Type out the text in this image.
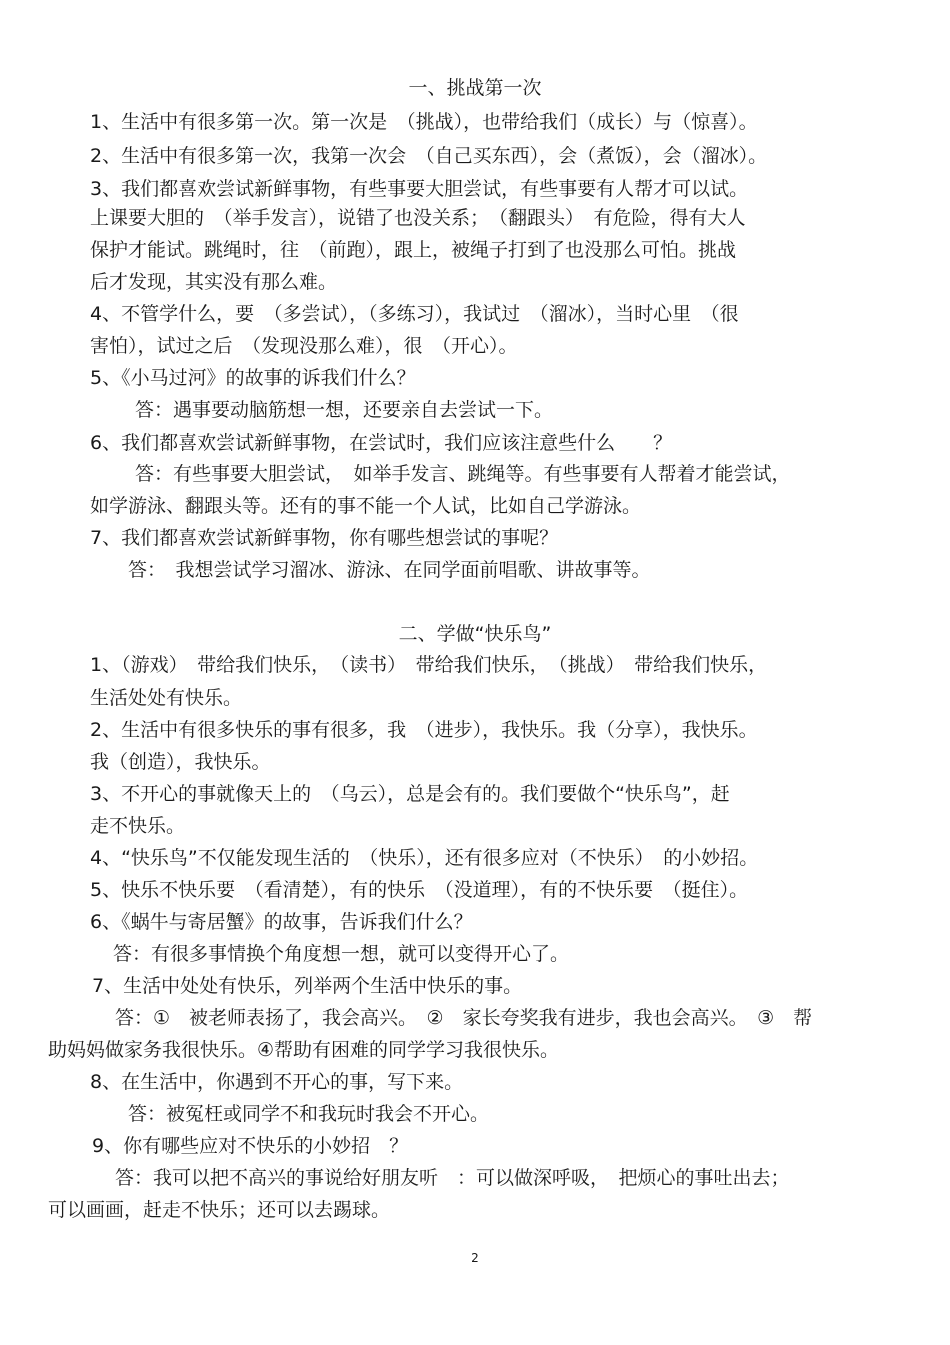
一、挑战第一次
1、生活中有很多第一次。第一次是　（挑战），也带给我们（成长）与（惊喜）。
2、生活中有很多第一次，我第一次会　（自己买东西），会（煮饭），会（溜冰）。
3、我们都喜欢尝试新鲜事物，有些事要大胆尝试，有些事要有人帮才可以试。
上课要大胆的　（举手发言），说错了也没关系；　（翻跟头）　有危险，得有大人
保护才能试。跳绳时，往　（前跑），跟上，被绳子打到了也没那么可怕。挑战
后才发现，其实没有那么难。
4、不管学什么，要　（多尝试），（多练习），我试过　（溜冰），当时心里　（很
害怕），试过之后　（发现没那么难），很　（开心）。
5、《小马过河》的故事的诉我们什么？
答：遇事要动脑筋想一想，还要亲自去尝试一下。
6、我们都喜欢尝试新鲜事物，在尝试时，我们应该注意些什么　　？
答：有些事要大胆尝试，　如举手发言、跳绳等。有些事要有人帮着才能尝试，
如学游泳、翻跟头等。还有的事不能一个人试，比如自己学游泳。
7、我们都喜欢尝试新鲜事物，你有哪些想尝试的事呢？
答：　我想尝试学习溜冰、游泳、在同学面前唱歌、讲故事等。
二、学做“快乐鸟”
1、（游戏）　带给我们快乐，　（读书）　带给我们快乐，　（挑战）　带给我们快乐，
生活处处有快乐。
2、生活中有很多快乐的事有很多，我　（进步），我快乐。我（分享），我快乐。
我（创造），我快乐。
3、不开心的事就像天上的　（乌云），总是会有的。我们要做个“快乐鸟”，赶
走不快乐。
4、“快乐鸟”不仅能发现生活的　（快乐），还有很多应对（不快乐）　的小妙招。
5、快乐不快乐要　（看清楚），有的快乐　（没道理），有的不快乐要　（挺住）。
6、《蜗牛与寄居蟹》的故事，告诉我们什么？
答：有很多事情换个角度想一想，就可以变得开心了。
7、生活中处处有快乐，列举两个生活中快乐的事。
答：①　被老师表扬了，我会高兴。　②　家长夸奖我有进步，我也会高兴。　③　帮
助妈妈做家务我很快乐。④帮助有困难的同学学习我很快乐。
8、在生活中，你遇到不开心的事，写下来。
答：被冤枉或同学不和我玩时我会不开心。
9、你有哪些应对不快乐的小妙招　？
答：我可以把不高兴的事说给好朋友听　：可以做深呼吸，　把烦心的事吐出去；
可以画画，赶走不快乐；还可以去踢球。
2
